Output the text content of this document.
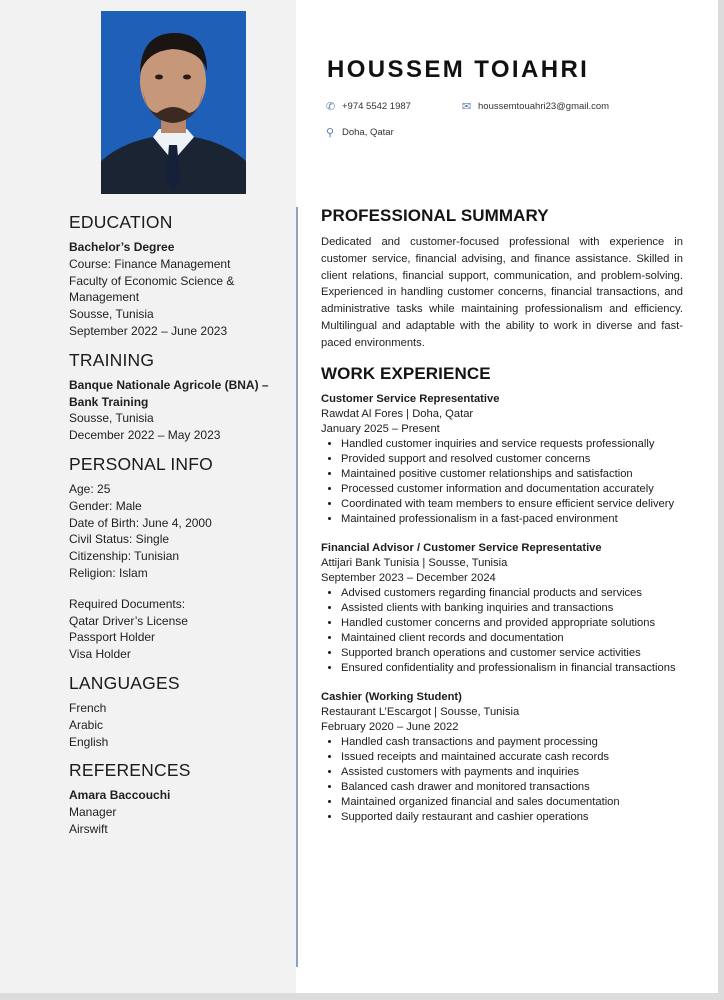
HOUSSEM TOIAHRI
✆ +974 5542 1987	✉ houssemtouahri23@gmail.com
⚲ Doha, Qatar
EDUCATION
Bachelor’s Degree
Course: Finance Management
Faculty of Economic Science & Management
Sousse, Tunisia
September 2022 – June 2023
TRAINING
Banque Nationale Agricole (BNA) – Bank Training
Sousse, Tunisia
December 2022 – May 2023
PERSONAL INFO
Age: 25
Gender: Male
Date of Birth: June 4, 2000
Civil Status: Single
Citizenship: Tunisian
Religion: Islam
Required Documents:
Qatar Driver’s License
Passport Holder
Visa Holder
LANGUAGES
French
Arabic
English
REFERENCES
Amara Baccouchi
Manager
Airswift
PROFESSIONAL SUMMARY

Dedicated and customer-focused professional with experience in customer service, financial advising, and finance assistance. Skilled in client relations, financial support, communication, and problem-solving. Experienced in handling customer concerns, financial transactions, and administrative tasks while maintaining professionalism and efficiency. Multilingual and adaptable with the ability to work in diverse and fast-paced environments.

WORK EXPERIENCE
Customer Service Representative
Rawdat Al Fores | Doha, Qatar
January 2025 – Present
• Handled customer inquiries and service requests professionally
• Provided support and resolved customer concerns
• Maintained positive customer relationships and satisfaction
• Processed customer information and documentation accurately
• Coordinated with team members to ensure efficient service delivery
• Maintained professionalism in a fast-paced environment
Financial Advisor / Customer Service Representative
Attijari Bank Tunisia | Sousse, Tunisia
September 2023 – December 2024
• Advised customers regarding financial products and services
• Assisted clients with banking inquiries and transactions
• Handled customer concerns and provided appropriate solutions
• Maintained client records and documentation
• Supported branch operations and customer service activities
• Ensured confidentiality and professionalism in financial transactions
Cashier (Working Student)
Restaurant L’Escargot | Sousse, Tunisia
February 2020 – June 2022
• Handled cash transactions and payment processing
• Issued receipts and maintained accurate cash records
• Assisted customers with payments and inquiries
• Balanced cash drawer and monitored transactions
• Maintained organized financial and sales documentation
• Supported daily restaurant and cashier operations
